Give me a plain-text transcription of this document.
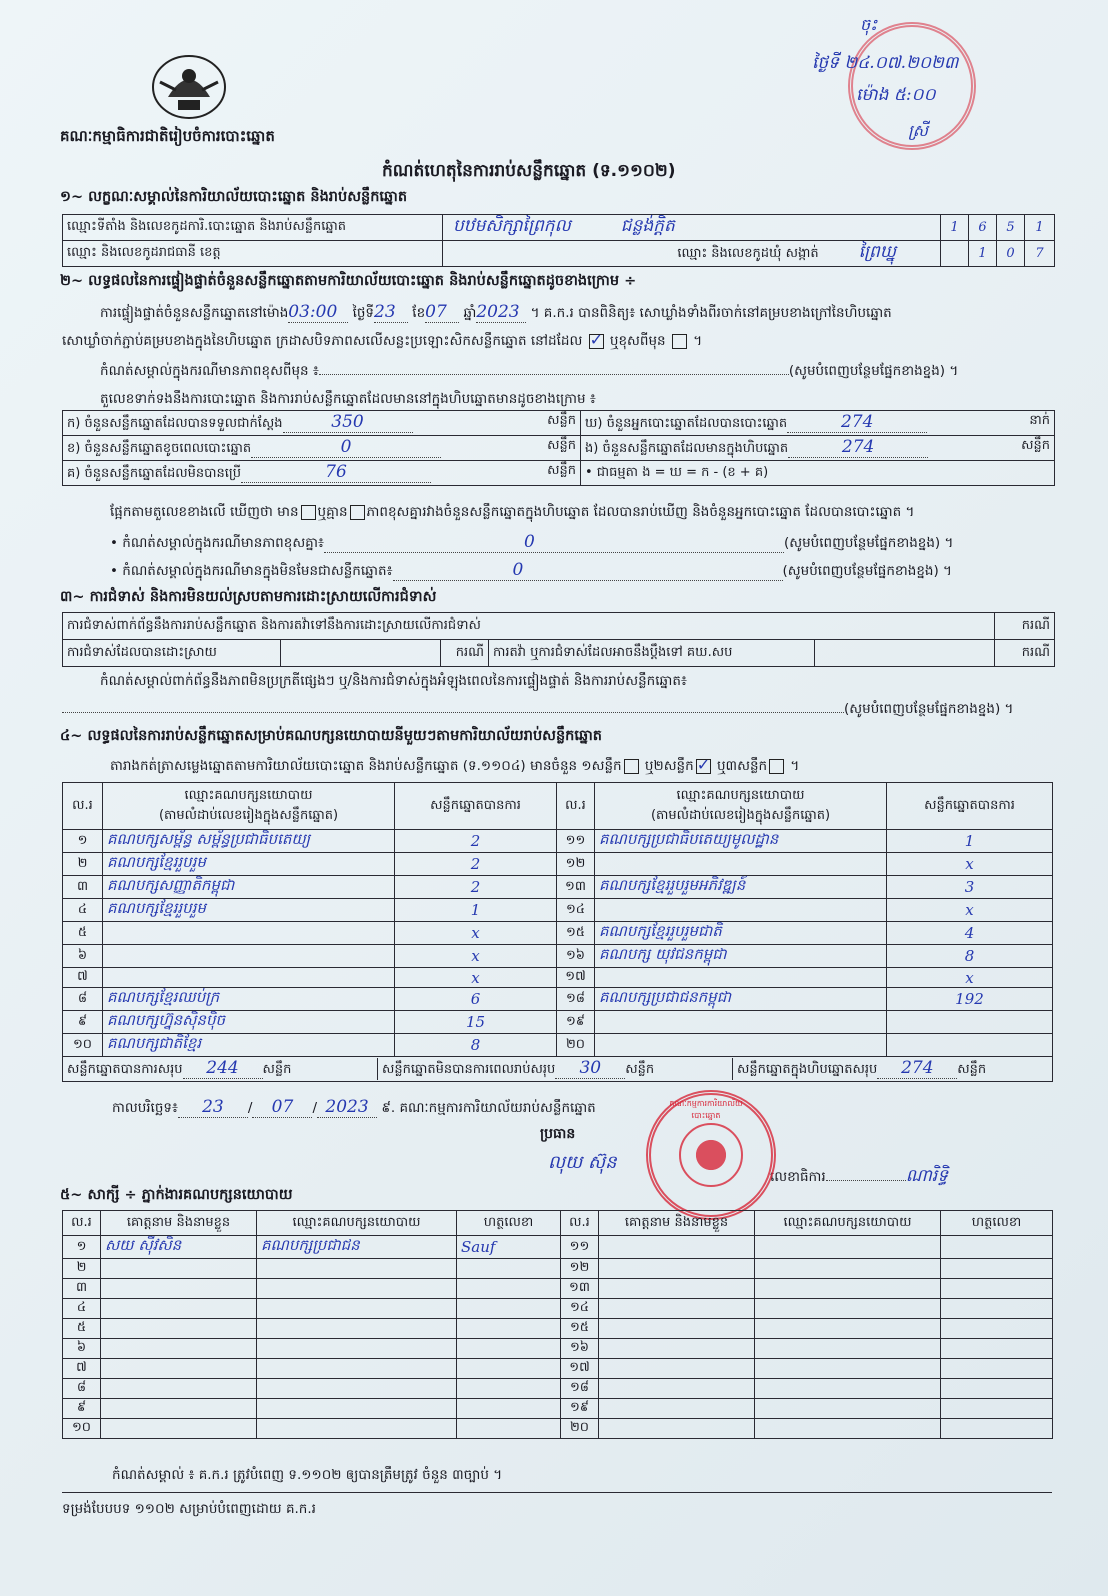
គណៈកម្មាធិការជាតិរៀបចំការបោះឆ្នោត
ចុះ
ថ្ងៃទី ២៤.០៧.២០២៣
ម៉ោង ៥:០០
ស្រី
កំណត់ហេតុនៃការរាប់សន្លឹកឆ្នោត (ទ.១១០២)
១~ លក្ខណៈសម្គាល់នៃការិយាល័យបោះឆ្នោត និងរាប់សន្លឹកឆ្នោត
ឈ្មោះទីតាំង និងលេខកូដការិ.បោះឆ្នោត និងរាប់សន្លឹកឆ្នោត	បឋមសិក្សាព្រៃកុល ជន្លង់ក្តិត	1	6	5	1
ឈ្មោះ និងលេខកូដរាជធានី ខេត្ត	ឈ្មោះ និងលេខកូដឃុំ សង្កាត់ ព្រៃឃ្នុ		1	0	7
២~ លទ្ធផលនៃការផ្ទៀងផ្ទាត់ចំនួនសន្លឹកឆ្នោតតាមការិយាល័យបោះឆ្នោត និងរាប់សន្លឹកឆ្នោតដូចខាងក្រោម ÷
ការផ្ទៀងផ្ទាត់ចំនួនសន្លឹកឆ្នោតនៅម៉ោង03:00 ថ្ងៃទី23 ខែ07 ឆ្នាំ2023 ។ គ.ក.រ បានពិនិត្យ៖ សោឃ្លាំងទាំងពីរចាក់នៅគម្របខាងក្រៅនៃហិបឆ្នោត
សោឃ្លាំចាក់ភ្ជាប់គម្របខាងក្នុងនៃហិបឆ្នោត ក្រដាសបិទភាពសលើសន្លះប្រឡោះសិកសន្លឹកឆ្នោត នៅដដែល ✓ ឬខុសពីមុន  ។
កំណត់សម្គាល់ក្នុងករណីមានភាពខុសពីមុន ៖	(សូមបំពេញបន្ថែមផ្នែកខាងខ្នង) ។
តួលេខទាក់ទងនឹងការបោះឆ្នោត និងការរាប់សន្លឹកឆ្នោតដែលមាននៅក្នុងហិបឆ្នោតមានដូចខាងក្រោម ៖
ក) ចំនួនសន្លឹកឆ្នោតដែលបានទទួលជាក់ស្ដែង 350 សន្លឹក	ឃ) ចំនួនអ្នកបោះឆ្នោតដែលបានបោះឆ្នោត 274 នាក់

ខ) ចំនួនសន្លឹកឆ្នោតខូចពេលបោះឆ្នោត 0 សន្លឹក	ង) ចំនួនសន្លឹកឆ្នោតដែលមានក្នុងហិបឆ្នោត 274 សន្លឹក

គ) ចំនួនសន្លឹកឆ្នោតដែលមិនបានប្រើ 76 សន្លឹក	• ជាធម្មតា ង = ឃ = ក - (ខ + គ)
ផ្អែកតាមតួលេខខាងលើ ឃើញថា មាន ឬគ្មាន ភាពខុសគ្នារវាងចំនួនសន្លឹកឆ្នោតក្នុងហិបឆ្នោត ដែលបានរាប់ឃើញ និងចំនួនអ្នកបោះឆ្នោត ដែលបានបោះឆ្នោត ។
• កំណត់សម្គាល់ក្នុងករណីមានភាពខុសគ្នា៖	0	(សូមបំពេញបន្ថែមផ្នែកខាងខ្នង) ។
• កំណត់សម្គាល់ក្នុងករណីមានក្នុងមិនមែនជាសន្លឹកឆ្នោត៖	0	(សូមបំពេញបន្ថែមផ្នែកខាងខ្នង) ។
៣~ ការជំទាស់ និងការមិនយល់ស្របតាមការដោះស្រាយលើការជំទាស់
ការជំទាស់ពាក់ព័ន្ធនឹងការរាប់សន្លឹកឆ្នោត និងការតវ៉ាទៅនឹងការដោះស្រាយលើការជំទាស់					ករណី
ការជំទាស់ដែលបានដោះស្រាយ		ករណី	ការតវ៉ា ឬការជំទាស់ដែលអាចនឹងប្ដឹងទៅ គឃ.សប		ករណី
កំណត់សម្គាល់ពាក់ព័ន្ធនឹងភាពមិនប្រក្រតីផ្សេងៗ ឬ/និងការជំទាស់ក្នុងអំឡុងពេលនៃការផ្ទៀងផ្ទាត់ និងការរាប់សន្លឹកឆ្នោត៖
(សូមបំពេញបន្ថែមផ្នែកខាងខ្នង) ។
៤~ លទ្ធផលនៃការរាប់សន្លឹកឆ្នោតសម្រាប់គណបក្សនយោបាយនីមួយៗតាមការិយាល័យរាប់សន្លឹកឆ្នោត
តារាងកត់ត្រាសម្លេងឆ្នោតតាមការិយាល័យបោះឆ្នោត និងរាប់សន្លឹកឆ្នោត (ទ.១១០៤) មានចំនួន ១សន្លឹក ឬ២សន្លឹក ✓ ឬ៣សន្លឹក ។
ល.រ	ឈ្មោះគណបក្សនយោបាយ
(តាមលំដាប់លេខរៀងក្នុងសន្លឹកឆ្នោត)	សន្លឹកឆ្នោតបានការ	ល.រ	ឈ្មោះគណបក្សនយោបាយ
(តាមលំដាប់លេខរៀងក្នុងសន្លឹកឆ្នោត)	សន្លឹកឆ្នោតបានការ
១	គណបក្សសម្ព័ន្ធ សម្ព័ន្ធប្រជាធិបតេយ្យ	2	១១	គណបក្សប្រជាធិបតេយ្យមូលដ្ឋាន	1
២	គណបក្សខ្មែររួបរួម	2	១២		x
៣	គណបក្សសញ្ញាតិកម្ពុជា	2	១៣	គណបក្សខ្មែររួបរួមអភិវឌ្ឍន៍	3
៤	គណបក្សខ្មែររួបរួម	1	១៤		x
៥		x	១៥	គណបក្សខ្មែររួបរួមជាតិ	4
៦		x	១៦	គណបក្ស យុវជនកម្ពុជា	8
៧		x	១៧		x
៨	គណបក្សខ្មែរឈប់ក្រ	6	១៨	គណបក្សប្រជាជនកម្ពុជា	192
៩	គណបក្សហ្វ៊ុនស៊ិនប៉ិច	15	១៩		
១០	គណបក្សជាតិខ្មែរ	8	២០		
សន្លឹកឆ្នោតបានការសរុប 244 សន្លឹក សន្លឹកឆ្នោតមិនបានការពេលរាប់សរុប 30 សន្លឹក សន្លឹកឆ្នោតក្នុងហិបឆ្នោតសរុប 274 សន្លឹក					
កាលបរិច្ឆេទ៖ 23 / 07 / 2023 ៩. គណៈកម្មការការិយាល័យរាប់សន្លឹកឆ្នោត
ប្រធាន
លុយ ស៊ុន
លេខាធិការ	ណារិទ្ធិ
គណៈកម្មការការិយាល័យបោះឆ្នោត
៥~ សាក្សី ÷ ភ្នាក់ងារគណបក្សនយោបាយ
ល.រ	គោត្តនាម និងនាមខ្លួន	ឈ្មោះគណបក្សនយោបាយ	ហត្ថលេខា	ល.រ	គោត្តនាម និងនាមខ្លួន	ឈ្មោះគណបក្សនយោបាយ	ហត្ថលេខា
១	សយ ស៊ីវសិន	គណបក្សប្រជាជន	Sauf	១១			
២				១២			
៣				១៣			
៤				១៤			
៥				១៥			
៦				១៦			
៧				១៧			
៨				១៨			
៩				១៩			
១០				២០			
កំណត់សម្គាល់ ៖ គ.ក.រ ត្រូវបំពេញ ទ.១១០២ ឲ្យបានត្រឹមត្រូវ ចំនួន ៣ច្បាប់ ។
ទម្រង់បែបបទ ១១០២ សម្រាប់បំពេញដោយ គ.ក.រ
